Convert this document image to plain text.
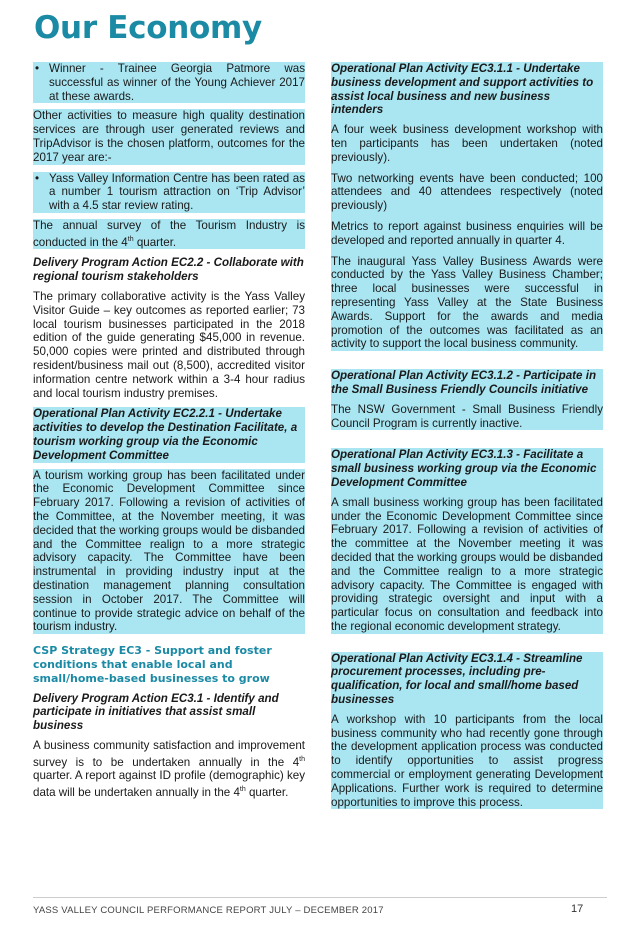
Our Economy
• Winner - Trainee Georgia Patmore was successful as winner of the Young Achiever 2017 at these awards.

Other activities to measure high quality destination services are through user generated reviews and TripAdvisor is the chosen platform, outcomes for the 2017 year are:-

• Yass Valley Information Centre has been rated as a number 1 tourism attraction on ‘Trip Advisor’ with a 4.5 star review rating.

The annual survey of the Tourism Industry is conducted in the 4th quarter.

Delivery Program Action EC2.2 - Collaborate with regional tourism stakeholders

The primary collaborative activity is the Yass Valley Visitor Guide – key outcomes as reported earlier; 73 local tourism businesses participated in the 2018 edition of the guide generating $45,000 in revenue. 50,000 copies were printed and distributed through resident/business mail out (8,500), accredited visitor information centre network within a 3-4 hour radius and local tourism industry premises.

Operational Plan Activity EC2.2.1 - Undertake activities to develop the Destination Facilitate, a tourism working group via the Economic Development Committee

A tourism working group has been facilitated under the Economic Development Committee since February 2017. Following a revision of activities of the Committee, at the November meeting, it was decided that the working groups would be disbanded and the Committee realign to a more strategic advisory capacity. The Committee have been instrumental in providing industry input at the destination management planning consultation session in October 2017. The Committee will continue to provide strategic advice on behalf of the tourism industry.

CSP Strategy EC3 - Support and foster conditions that enable local and small/home-based businesses to grow
Delivery Program Action EC3.1 - Identify and participate in initiatives that assist small business

A business community satisfaction and improvement survey is to be undertaken annually in the 4th quarter. A report against ID profile (demographic) key data will be undertaken annually in the 4th quarter.

Operational Plan Activity EC3.1.1 - Undertake business development and support activities to assist local business and new business intenders

A four week business development workshop with ten participants has been undertaken (noted previously).

Two networking events have been conducted; 100 attendees and 40 attendees respectively (noted previously)

Metrics to report against business enquiries will be developed and reported annually in quarter 4.

The inaugural Yass Valley Business Awards were conducted by the Yass Valley Business Chamber; three local businesses were successful in representing Yass Valley at the State Business Awards. Support for the awards and media promotion of the outcomes was facilitated as an activity to support the local business community.

Operational Plan Activity EC3.1.2 - Participate in the Small Business Friendly Councils initiative

The NSW Government - Small Business Friendly Council Program is currently inactive.

Operational Plan Activity EC3.1.3 - Facilitate a small business working group via the Economic Development Committee

A small business working group has been facilitated under the Economic Development Committee since February 2017. Following a revision of activities of the committee at the November meeting it was decided that the working groups would be disbanded and the Committee realign to a more strategic advisory capacity. The Committee is engaged with providing strategic oversight and input with a particular focus on consultation and feedback into the regional economic development strategy.

Operational Plan Activity EC3.1.4 - Streamline procurement processes, including pre-qualification, for local and small/home based businesses

A workshop with 10 participants from the local business community who had recently gone through the development application process was conducted to identify opportunities to assist progress commercial or employment generating Development Applications. Further work is required to determine opportunities to improve this process.

YASS VALLEY COUNCIL PERFORMANCE REPORT JULY – DECEMBER 2017	17
